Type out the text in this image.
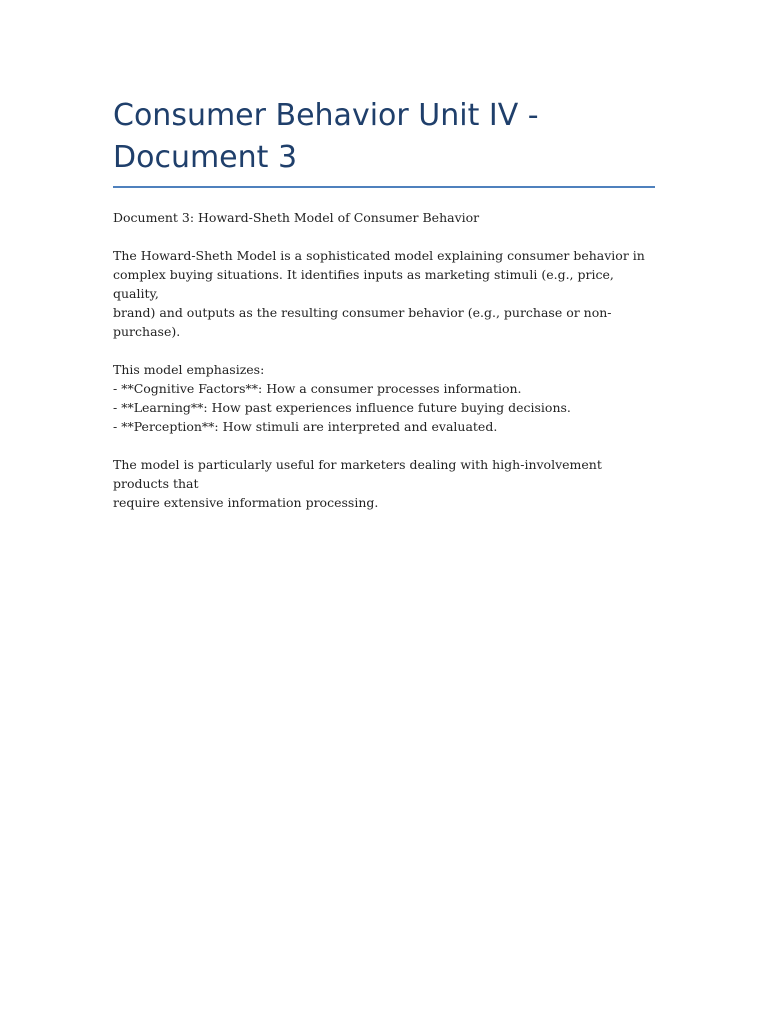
Consumer Behavior Unit IV - Document 3

Document 3: Howard-Sheth Model of Consumer Behavior

The Howard-Sheth Model is a sophisticated model explaining consumer behavior in
complex buying situations. It identifies inputs as marketing stimuli (e.g., price, quality,
brand) and outputs as the resulting consumer behavior (e.g., purchase or non-purchase).

This model emphasizes:
- **Cognitive Factors**: How a consumer processes information.
- **Learning**: How past experiences influence future buying decisions.
- **Perception**: How stimuli are interpreted and evaluated.

The model is particularly useful for marketers dealing with high-involvement products that
require extensive information processing.
